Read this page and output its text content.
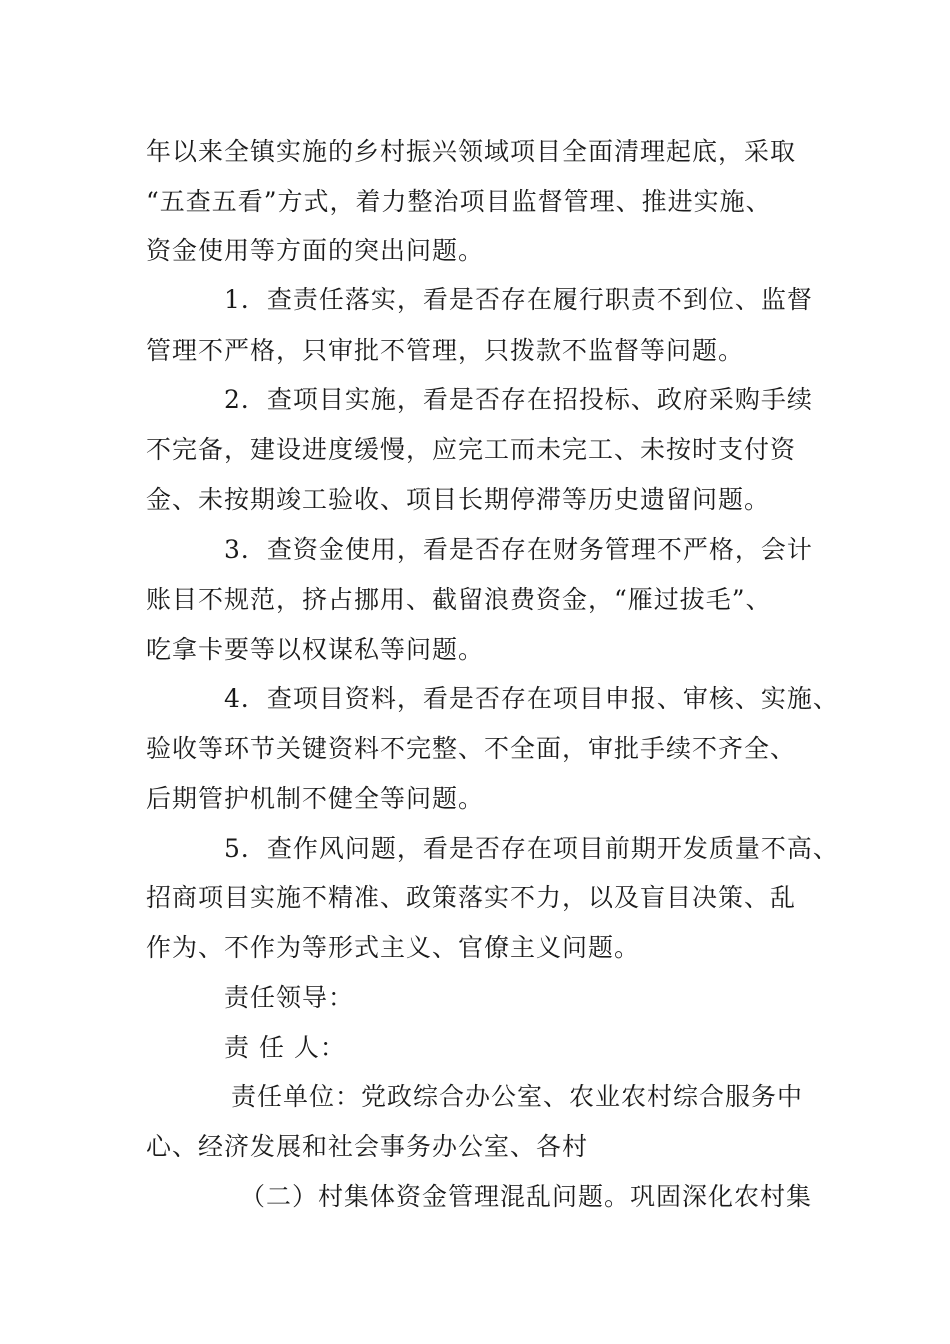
年以来全镇实施的乡村振兴领域项目全面清理起底，采取
“五查五看”方式，着力整治项目监督管理、推进实施、
资金使用等方面的突出问题。
1．查责任落实，看是否存在履行职责不到位、监督
管理不严格，只审批不管理，只拨款不监督等问题。
2．查项目实施，看是否存在招投标、政府采购手续
不完备，建设进度缓慢，应完工而未完工、未按时支付资
金、未按期竣工验收、项目长期停滞等历史遗留问题。
3．查资金使用，看是否存在财务管理不严格，会计
账目不规范，挤占挪用、截留浪费资金，“雁过拔毛”、
吃拿卡要等以权谋私等问题。
4．查项目资料，看是否存在项目申报、审核、实施、
验收等环节关键资料不完整、不全面，审批手续不齐全、
后期管护机制不健全等问题。
5．查作风问题，看是否存在项目前期开发质量不高、
招商项目实施不精准、政策落实不力，以及盲目决策、乱
作为、不作为等形式主义、官僚主义问题。
责任领导：
责 任 人：
责任单位：党政综合办公室、农业农村综合服务中
心、经济发展和社会事务办公室、各村
（二）村集体资金管理混乱问题。巩固深化农村集
